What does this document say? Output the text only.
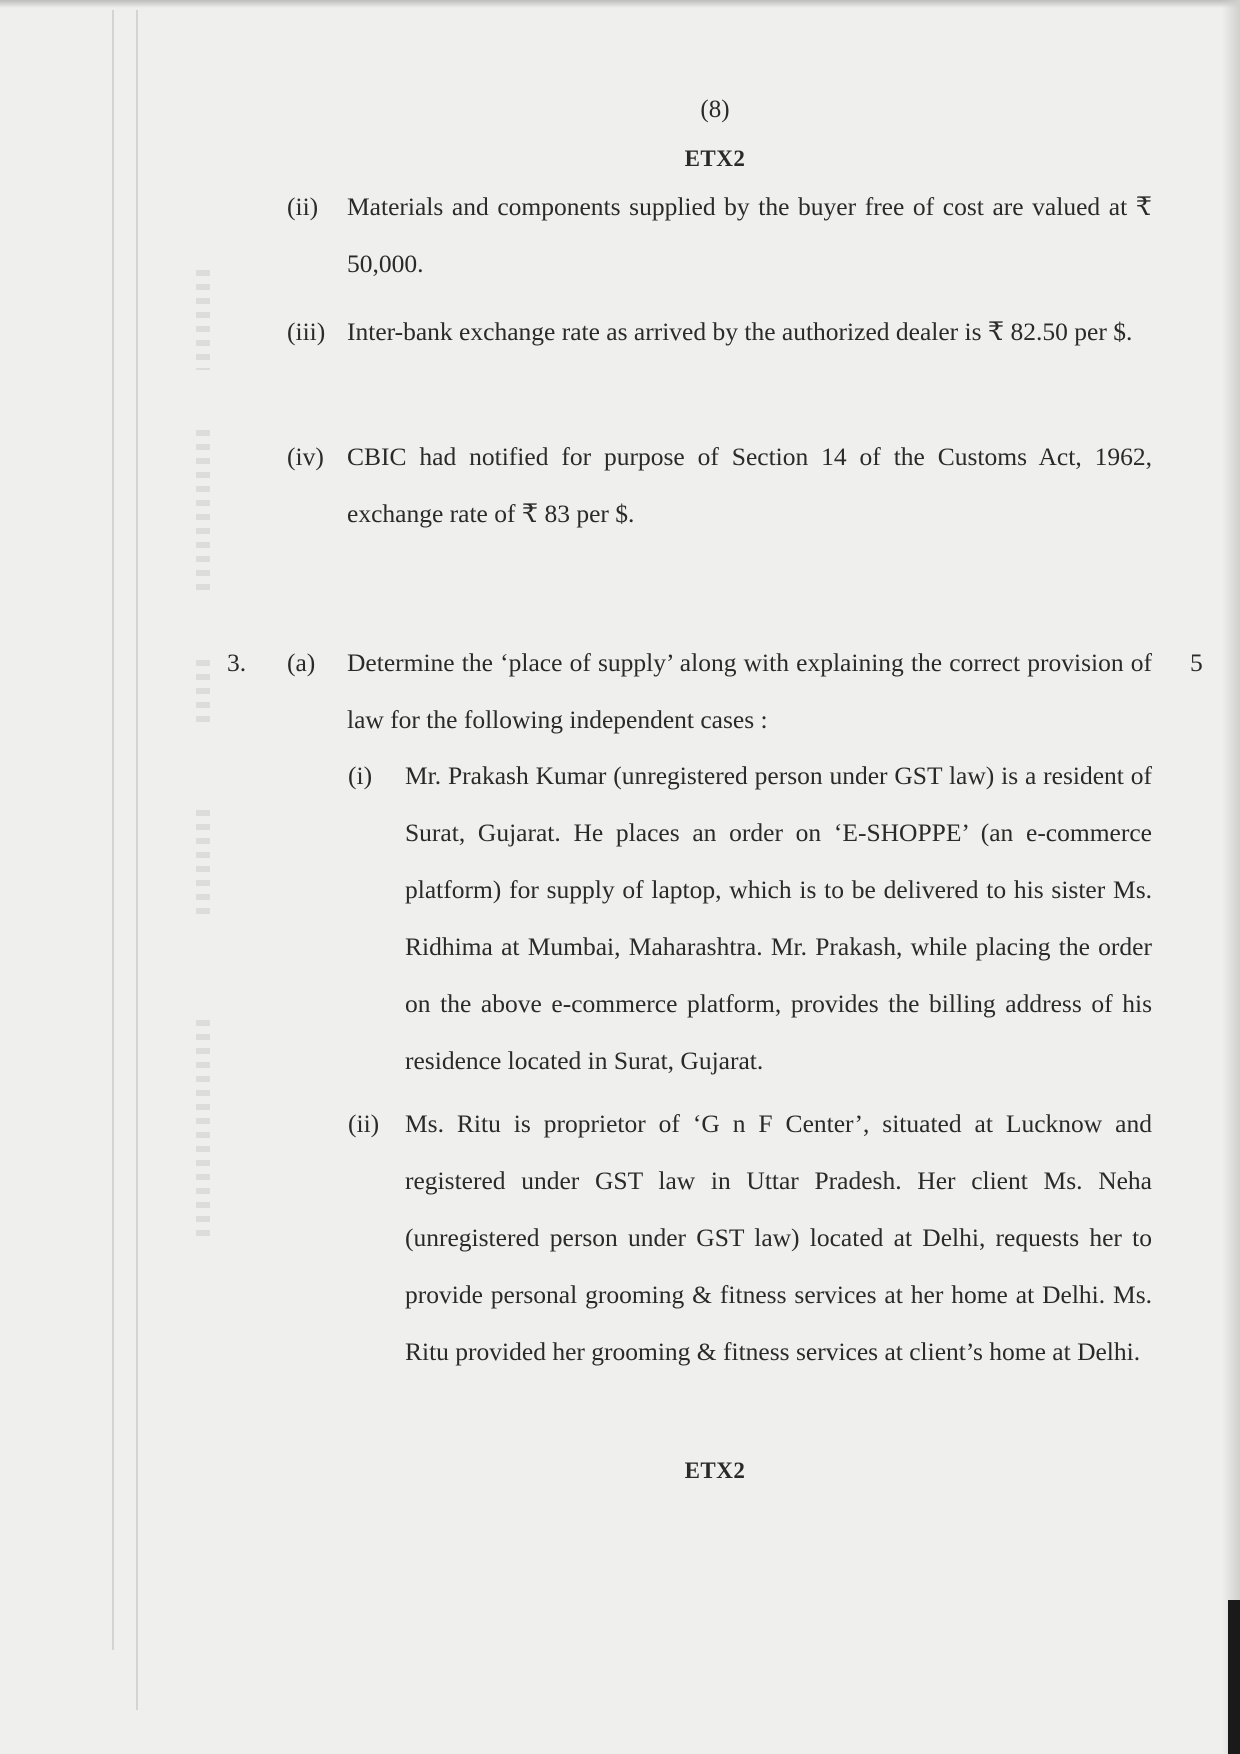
(8)
ETX2
(ii) Materials and components supplied by the buyer free of cost are valued at ₹ 50,000.
(iii) Inter-bank exchange rate as arrived by the authorized dealer is ₹ 82.50 per $.
(iv) CBIC had notified for purpose of Section 14 of the Customs Act, 1962, exchange rate of ₹ 83 per $.
3.	5
(a) Determine the ‘place of supply’ along with explaining the correct provision of law for the following independent cases :
(i) Mr. Prakash Kumar (unregistered person under GST law) is a resident of Surat, Gujarat. He places an order on ‘E-SHOPPE’ (an e-commerce platform) for supply of laptop, which is to be delivered to his sister Ms. Ridhima at Mumbai, Maharashtra. Mr. Prakash, while placing the order on the above e-commerce platform, provides the billing address of his residence located in Surat, Gujarat.
(ii) Ms. Ritu is proprietor of ‘G n F Center’, situated at Lucknow and registered under GST law in Uttar Pradesh. Her client Ms. Neha (unregistered person under GST law) located at Delhi, requests her to provide personal grooming & fitness services at her home at Delhi. Ms. Ritu provided her grooming & fitness services at client’s home at Delhi.
ETX2
